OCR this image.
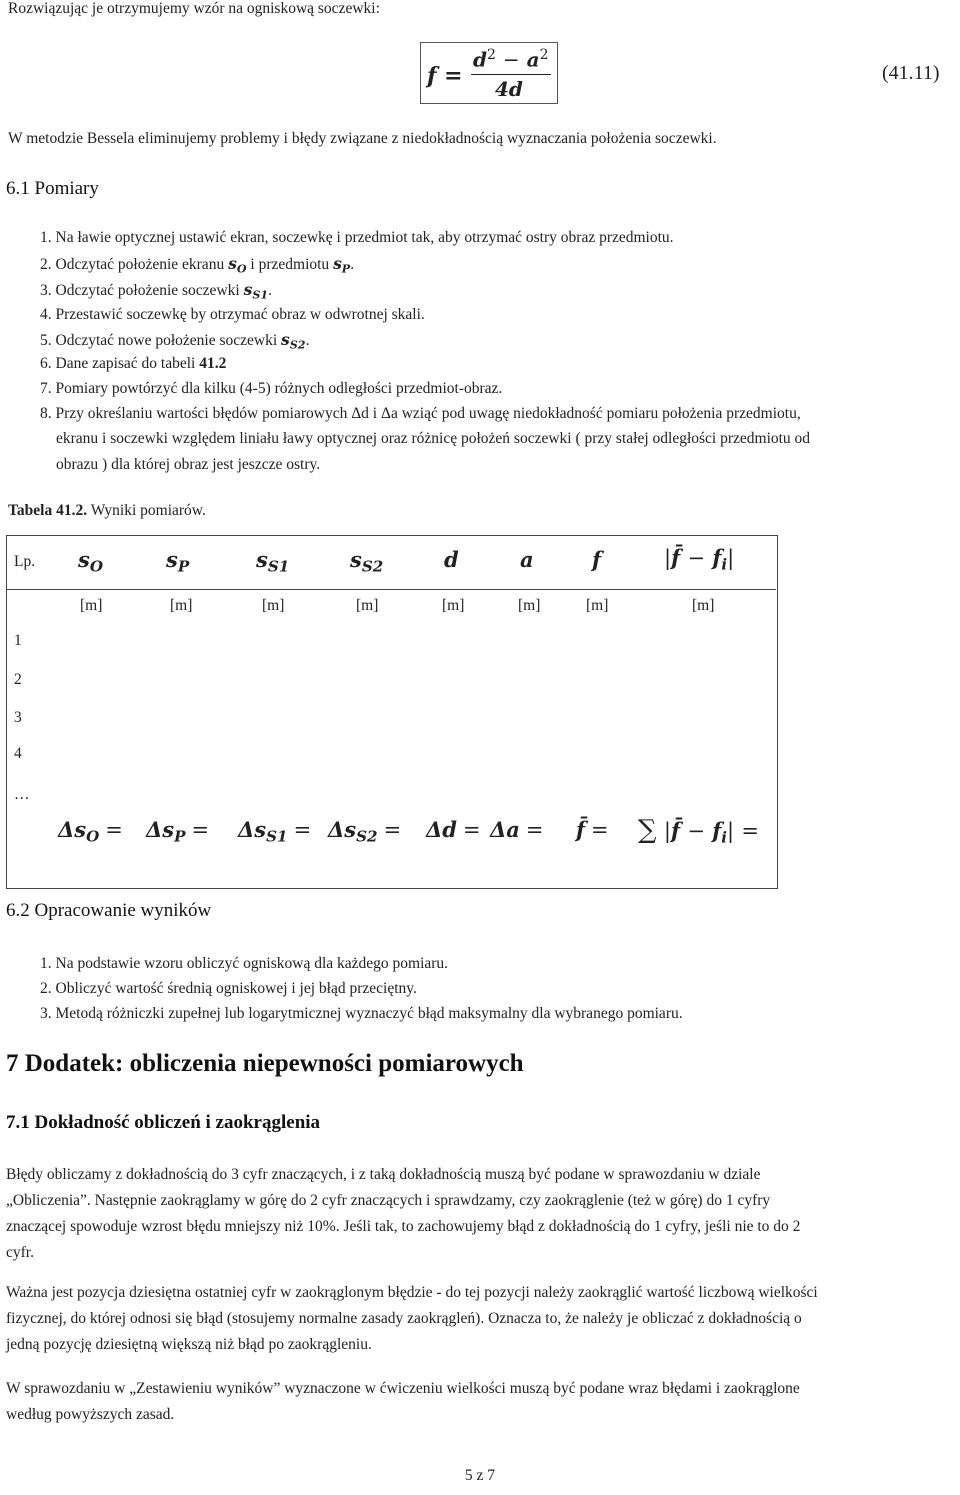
Rozwiązując je otrzymujemy wzór na ogniskową soczewki:
f =
$d^2 - a^2$
4d
(41.11)
W metodzie Bessela eliminujemy problemy i błędy związane z niedokładnością wyznaczania położenia soczewki.
6.1 Pomiary
1. Na ławie optycznej ustawić ekran, soczewkę i przedmiot tak, aby otrzymać ostry obraz przedmiotu.
2. Odczytać położenie ekranu $s_O$ i przedmiotu $s_P$.
3. Odczytać położenie soczewki $s_{S1}$.
4. Przestawić soczewkę by otrzymać obraz w odwrotnej skali.
5. Odczytać nowe położenie soczewki $s_{S2}$.
6. Dane zapisać do tabeli 41.2
7. Pomiary powtórzyć dla kilku (4-5) różnych odległości przedmiot-obraz.
8. Przy określaniu wartości błędów pomiarowych Δd i Δa wziąć pod uwagę niedokładność pomiaru położenia przedmiotu,
ekranu i soczewki względem liniału ławy optycznej oraz różnicę położeń soczewki ( przy stałej odległości przedmiotu od
obrazu ) dla której obraz jest jeszcze ostry.
Tabela 41.2. Wyniki pomiarów.
Lp. $s_O$	$s_P$	$s_{S1}$	$s_{S2}$	d	a	f	|f̄ − $f_i|$
[m]	[m]	[m]	[m]	[m]	[m]	[m]	[m]
1
2
3
4
…
$\Delta s_O = \Delta s_P = \Delta s_{S1} = \Delta s_{S2} = \Delta d = \Delta a$ = f̄ = ∑ |f̄ − $f_i|$ =
6.2 Opracowanie wyników
1. Na podstawie wzoru obliczyć ogniskową dla każdego pomiaru.
2. Obliczyć wartość średnią ogniskowej i jej błąd przeciętny.
3. Metodą różniczki zupełnej lub logarytmicznej wyznaczyć błąd maksymalny dla wybranego pomiaru.
7 Dodatek: obliczenia niepewności pomiarowych
7.1 Dokładność obliczeń i zaokrąglenia
Błędy obliczamy z dokładnością do 3 cyfr znaczących, i z taką dokładnością muszą być podane w sprawozdaniu w dziale
„Obliczenia”. Następnie zaokrąglamy w górę do 2 cyfr znaczących i sprawdzamy, czy zaokrąglenie (też w górę) do 1 cyfry
znaczącej spowoduje wzrost błędu mniejszy niż 10%. Jeśli tak, to zachowujemy błąd z dokładnością do 1 cyfry, jeśli nie to do 2
cyfr.
Ważna jest pozycja dziesiętna ostatniej cyfr w zaokrąglonym błędzie - do tej pozycji należy zaokrąglić wartość liczbową wielkości
fizycznej, do której odnosi się błąd (stosujemy normalne zasady zaokrągleń). Oznacza to, że należy je obliczać z dokładnością o
jedną pozycję dziesiętną większą niż błąd po zaokrągleniu.
W sprawozdaniu w „Zestawieniu wyników” wyznaczone w ćwiczeniu wielkości muszą być podane wraz błędami i zaokrąglone
według powyższych zasad.
5 z 7
